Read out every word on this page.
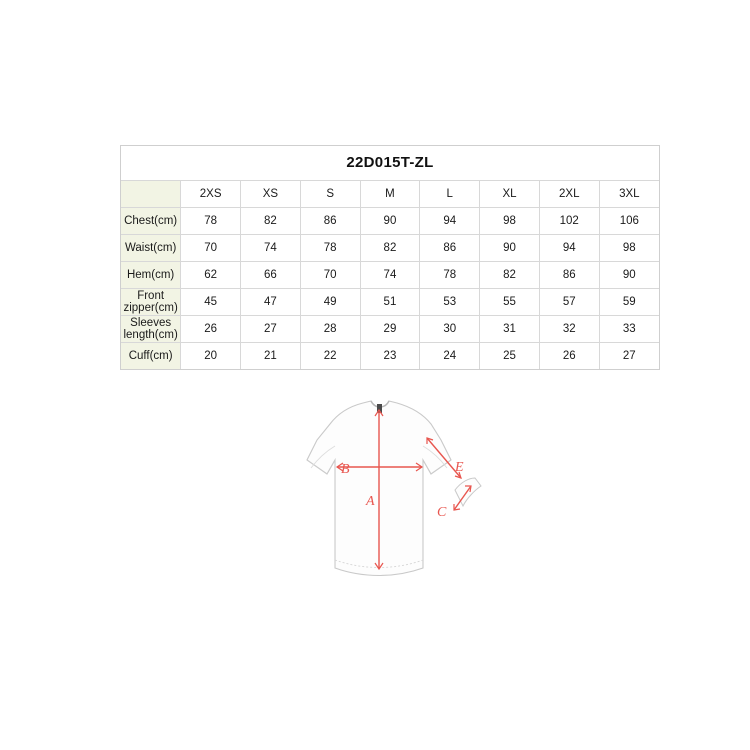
22D015T-ZL								
	2XS	XS	S	M	L	XL	2XL	3XL
Chest(cm)	78	82	86	90	94	98	102	106
Waist(cm)	70	74	78	82	86	90	94	98
Hem(cm)	62	66	70	74	78	82	86	90
Front zipper(cm)	45	47	49	51	53	55	57	59
Sleeves length(cm)	26	27	28	29	30	31	32	33
Cuff(cm)	20	21	22	23	24	25	26	27
A
B
C
E
